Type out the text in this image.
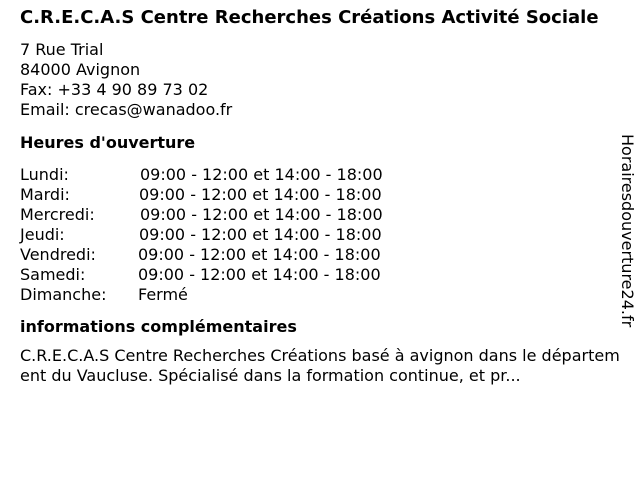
C.R.E.C.A.S Centre Recherches Créations Activité Sociale
7 Rue Trial
84000 Avignon
Fax: +33 4 90 89 73 02
Email: crecas@wanadoo.fr
Heures d'ouverture
Lundi:	09:00 - 12:00 et 14:00 - 18:00
Mardi:	09:00 - 12:00 et 14:00 - 18:00
Mercredi:	09:00 - 12:00 et 14:00 - 18:00
Jeudi:	09:00 - 12:00 et 14:00 - 18:00
Vendredi:	09:00 - 12:00 et 14:00 - 18:00
Samedi:	09:00 - 12:00 et 14:00 - 18:00
Dimanche: Fermé
informations complémentaires
C.R.E.C.A.S Centre Recherches Créations basé à avignon dans le département du Vaucluse. Spécialisé dans la formation continue, et pr...
Horairesdouverture24.fr
